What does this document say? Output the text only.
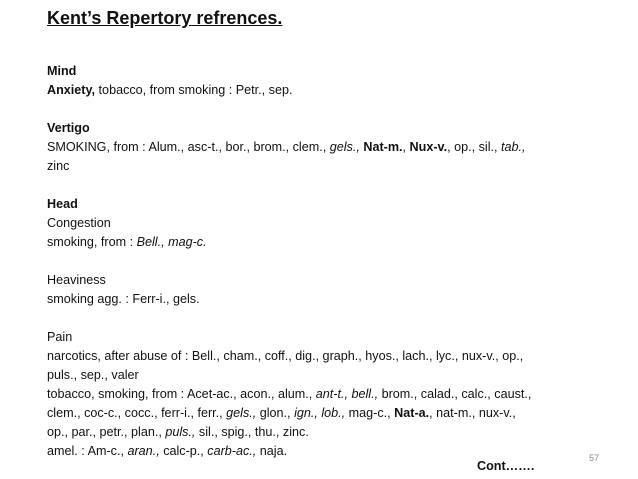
Kent’s Repertory refrences.
Mind
Anxiety, tobacco, from smoking : Petr., sep.
Vertigo
SMOKING, from : Alum., asc-t., bor., brom., clem., gels., Nat-m., Nux-v., op., sil., tab.,
zinc
Head
Congestion
smoking, from : Bell., mag-c.
Heaviness
smoking agg. : Ferr-i., gels.
Pain
narcotics, after abuse of : Bell., cham., coff., dig., graph., hyos., lach., lyc., nux-v., op.,
puls., sep., valer
tobacco, smoking, from : Acet-ac., acon., alum., ant-t., bell., brom., calad., calc., caust.,
clem., coc-c., cocc., ferr-i., ferr., gels., glon., ign., lob., mag-c., Nat-a., nat-m., nux-v.,
op., par., petr., plan., puls., sil., spig., thu., zinc.
amel. : Am-c., aran., calc-p., carb-ac., naja.	57
Cont…….
